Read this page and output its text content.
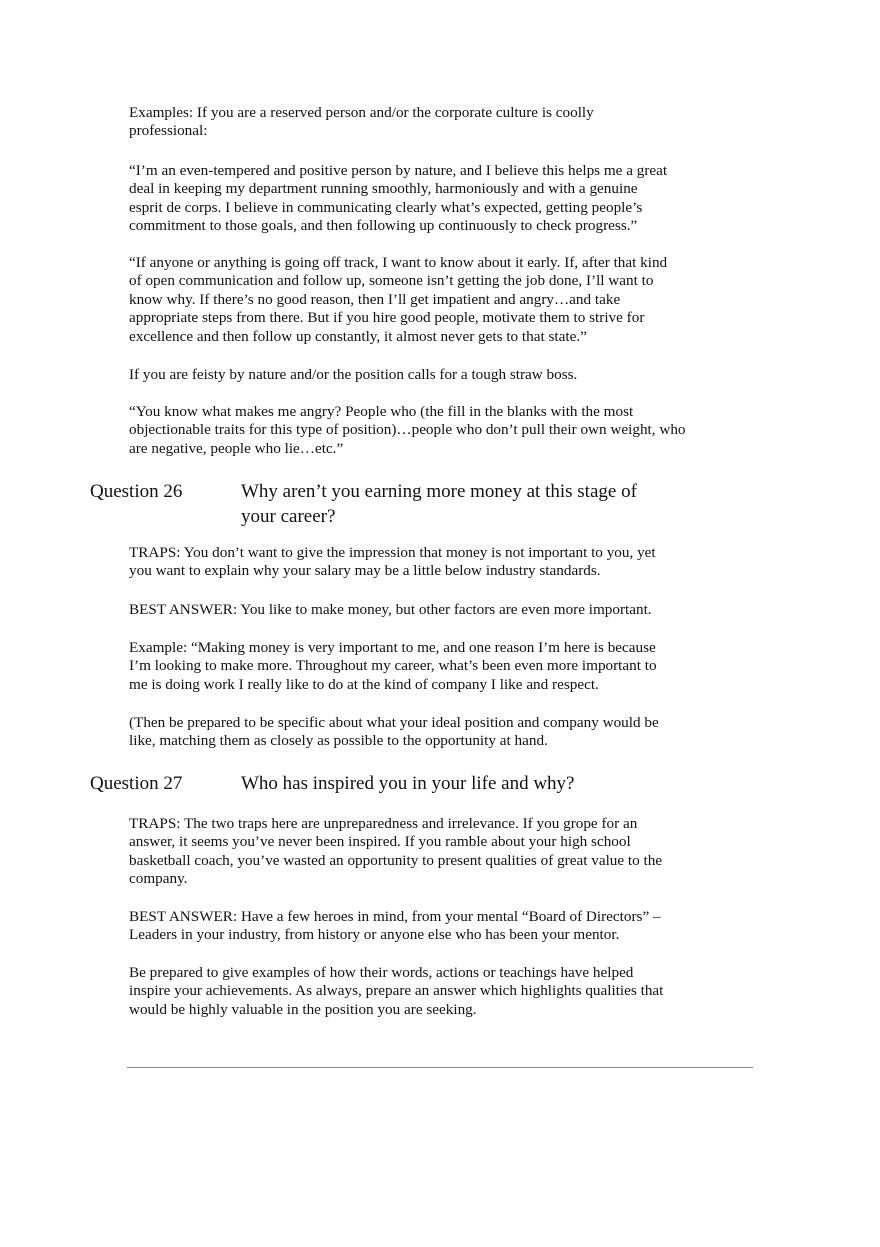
Examples: If you are a reserved person and/or the corporate culture is coolly
professional:

“I’m an even-tempered and positive person by nature, and I believe this helps me a great
deal in keeping my department running smoothly, harmoniously and with a genuine
esprit de corps. I believe in communicating clearly what’s expected, getting people’s
commitment to those goals, and then following up continuously to check progress.”

“If anyone or anything is going off track, I want to know about it early. If, after that kind
of open communication and follow up, someone isn’t getting the job done, I’ll want to
know why. If there’s no good reason, then I’ll get impatient and angry…and take
appropriate steps from there. But if you hire good people, motivate them to strive for
excellence and then follow up constantly, it almost never gets to that state.”

If you are feisty by nature and/or the position calls for a tough straw boss.

“You know what makes me angry? People who (the fill in the blanks with the most
objectionable traits for this type of position)…people who don’t pull their own weight, who
are negative, people who lie…etc.”

Question 26	Why aren’t you earning more money at this stage of
your career?

TRAPS: You don’t want to give the impression that money is not important to you, yet
you want to explain why your salary may be a little below industry standards.

BEST ANSWER: You like to make money, but other factors are even more important.

Example: “Making money is very important to me, and one reason I’m here is because
I’m looking to make more. Throughout my career, what’s been even more important to
me is doing work I really like to do at the kind of company I like and respect.

(Then be prepared to be specific about what your ideal position and company would be
like, matching them as closely as possible to the opportunity at hand.

Question 27	Who has inspired you in your life and why?

TRAPS: The two traps here are unpreparedness and irrelevance. If you grope for an
answer, it seems you’ve never been inspired. If you ramble about your high school
basketball coach, you’ve wasted an opportunity to present qualities of great value to the
company.

BEST ANSWER: Have a few heroes in mind, from your mental “Board of Directors” –
Leaders in your industry, from history or anyone else who has been your mentor.

Be prepared to give examples of how their words, actions or teachings have helped
inspire your achievements. As always, prepare an answer which highlights qualities that
would be highly valuable in the position you are seeking.
